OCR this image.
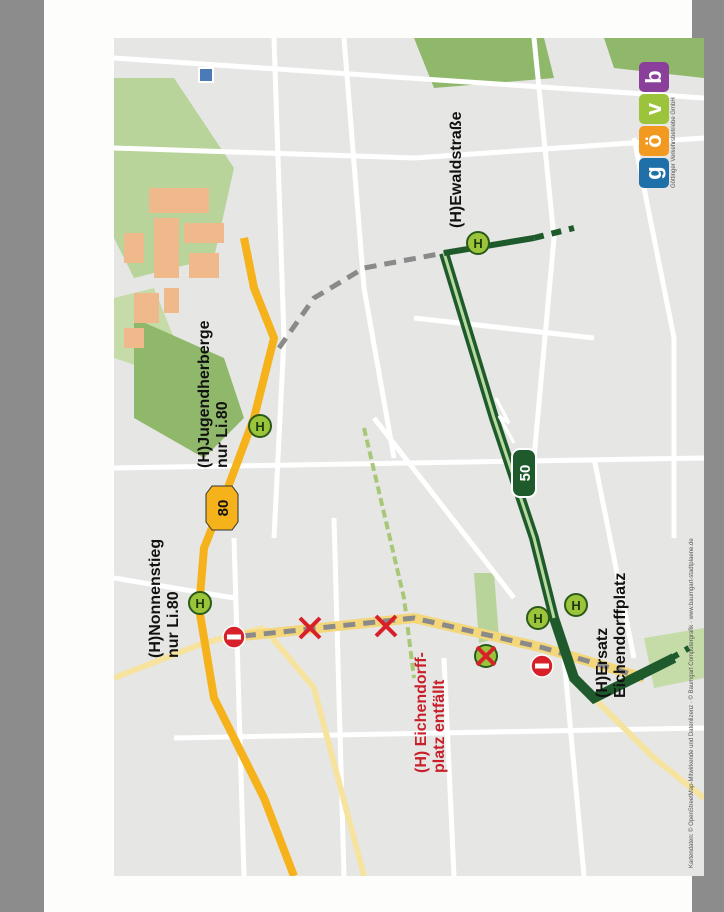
80
50
H
H
H
H
H
(H)Nonnenstieg nur Li.80
(H)Jugendherberge nur Li.80
(H)Ewaldstraße
(H) Eichendorff- platz entfällt
(H)Ersatz Eichendorffplatz
g
ö
v
b
Göttinger Verkehrsbetriebe GmbH
Kartendaten: © OpenStreetMap-Mitwirkende und Datenlizenz · © Baumgart Computergrafik · www.baumgart-stadtplaene.de
